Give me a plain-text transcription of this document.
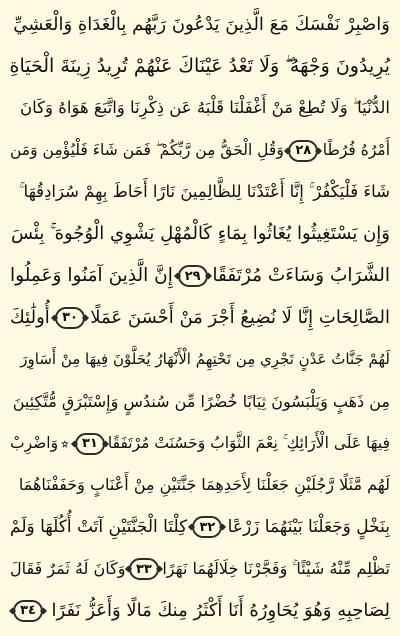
وَاصْبِرْ نَفْسَكَ مَعَ الَّذِينَ يَدْعُونَ رَبَّهُم بِالْغَدَاةِ وَالْعَشِيِّ
يُرِيدُونَ وَجْهَهُ ۖ وَلَا تَعْدُ عَيْنَاكَ عَنْهُمْ تُرِيدُ زِينَةَ الْحَيَاةِ
الدُّنْيَا ۖ وَلَا تُطِعْ مَنْ أَغْفَلْنَا قَلْبَهُ عَن ذِكْرِنَا وَاتَّبَعَ هَوَاهُ وَكَانَ
أَمْرُهُ فُرُطًا
٢٨
وَقُلِ الْحَقُّ مِن رَّبِّكُمْ ۖ فَمَن شَاءَ فَلْيُؤْمِن وَمَن
شَاءَ فَلْيَكْفُرْ ۚ إِنَّا أَعْتَدْنَا لِلظَّالِمِينَ نَارًا أَحَاطَ بِهِمْ سُرَادِقُهَا ۚ
وَإِن يَسْتَغِيثُوا يُغَاثُوا بِمَاءٍ كَالْمُهْلِ يَشْوِي الْوُجُوهَ ۚ بِئْسَ
الشَّرَابُ وَسَاءَتْ مُرْتَفَقًا
٢٩
إِنَّ الَّذِينَ آمَنُوا وَعَمِلُوا
الصَّالِحَاتِ إِنَّا لَا نُضِيعُ أَجْرَ مَنْ أَحْسَنَ عَمَلًا
٣٠
أُولَٰئِكَ
لَهُمْ جَنَّاتُ عَدْنٍ تَجْرِي مِن تَحْتِهِمُ الْأَنْهَارُ يُحَلَّوْنَ فِيهَا مِنْ أَسَاوِرَ
مِن ذَهَبٍ وَيَلْبَسُونَ ثِيَابًا خُضْرًا مِّن سُندُسٍ وَإِسْتَبْرَقٍ مُّتَّكِئِينَ
فِيهَا عَلَى الْأَرَائِكِ ۚ نِعْمَ الثَّوَابُ وَحَسُنَتْ مُرْتَفَقًا
٣١
وَاضْرِبْ
لَهُم مَّثَلًا رَّجُلَيْنِ جَعَلْنَا لِأَحَدِهِمَا جَنَّتَيْنِ مِنْ أَعْنَابٍ وَحَفَفْنَاهُمَا
بِنَخْلٍ وَجَعَلْنَا بَيْنَهُمَا زَرْعًا
٣٢
كِلْتَا الْجَنَّتَيْنِ آتَتْ أُكُلَهَا وَلَمْ
تَظْلِم مِّنْهُ شَيْئًا ۚ وَفَجَّرْنَا خِلَالَهُمَا نَهَرًا
٣٣
وَكَانَ لَهُ ثَمَرٌ فَقَالَ
لِصَاحِبِهِ وَهُوَ يُحَاوِرُهُ أَنَا أَكْثَرُ مِنكَ مَالًا وَأَعَزُّ نَفَرًا
٣٤
